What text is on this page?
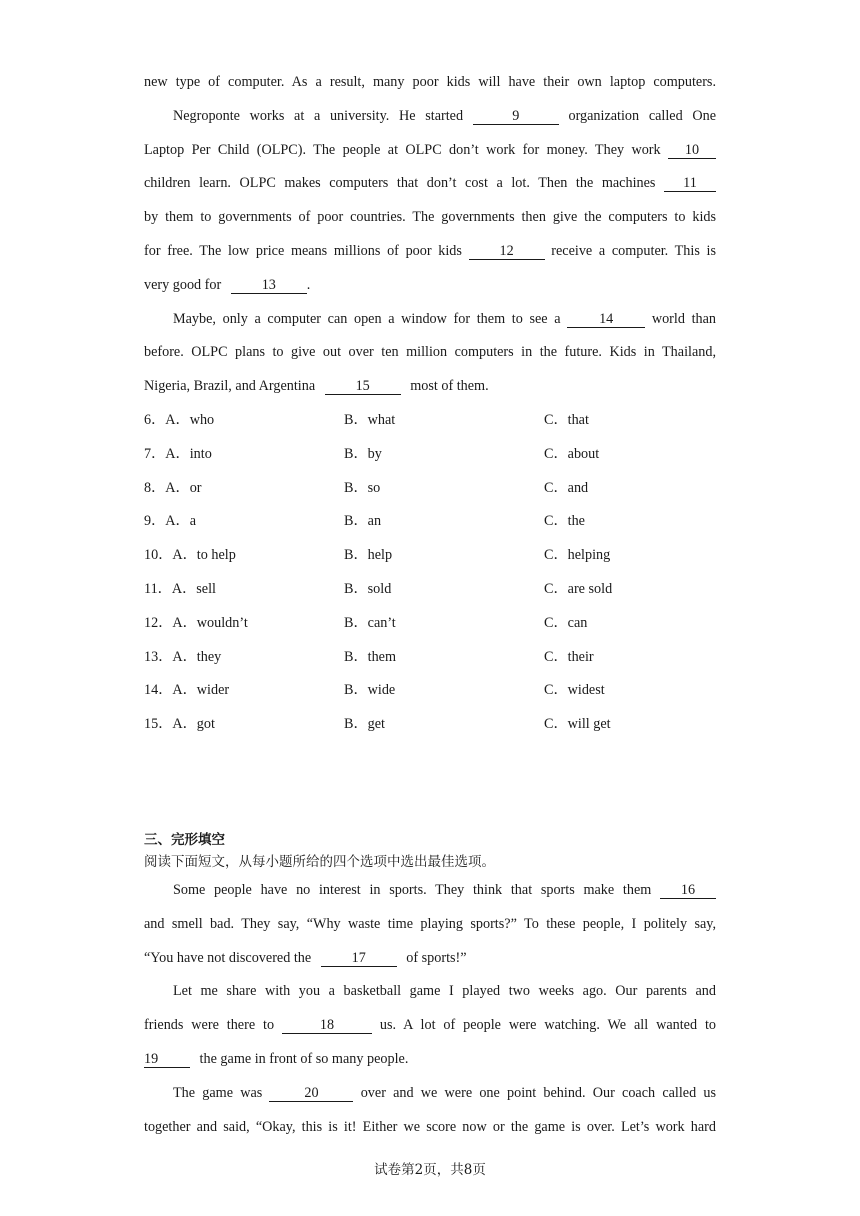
new type of computer. As a result, many poor kids will have their own laptop computers.
Negroponte works at a university. He started	9	organization called One
Laptop Per Child (OLPC). The people at OLPC don’t work for money. They work 10
children learn. OLPC makes computers that don’t cost a lot. Then the machines 11
by them to governments of poor countries. The governments then give the computers to kids
for free. The low price means millions of poor kids	12	receive a computer. This is
very good for	13 .
Maybe, only a computer can open a window for them to see a	14	world than
before. OLPC plans to give out over ten million computers in the future. Kids in Thailand,
Nigeria, Brazil, and Argentina	15	most of them.
6．A．who	B．what	C．that
7．A．into	B．by	C．about
8．A．or	B．so	C．and
9．A．a	B．an	C．the
10．A．to help	B．help	C．helping
11．A．sell	B．sold	C．are sold
12．A．wouldn’t	B．can’t	C．can
13．A．they	B．them	C．their
14．A．wider	B．wide	C．widest
15．A．got	B．get	C．will get
三、完形填空
阅读下面短文，从每小题所给的四个选项中选出最佳选项。
Some people have no interest in sports. They think that sports make them 16
and smell bad. They say, “Why waste time playing sports?” To these people, I politely say,
“You have not discovered the	17	of sports!”
Let me share with you a basketball game I played two weeks ago. Our parents and
friends were there to	18	us. A lot of people were watching. We all wanted to
19	the game in front of so many people.
The game was	20	over and we were one point behind. Our coach called us
together and said, “Okay, this is it! Either we score now or the game is over. Let’s work hard
试卷第2页，共8页
